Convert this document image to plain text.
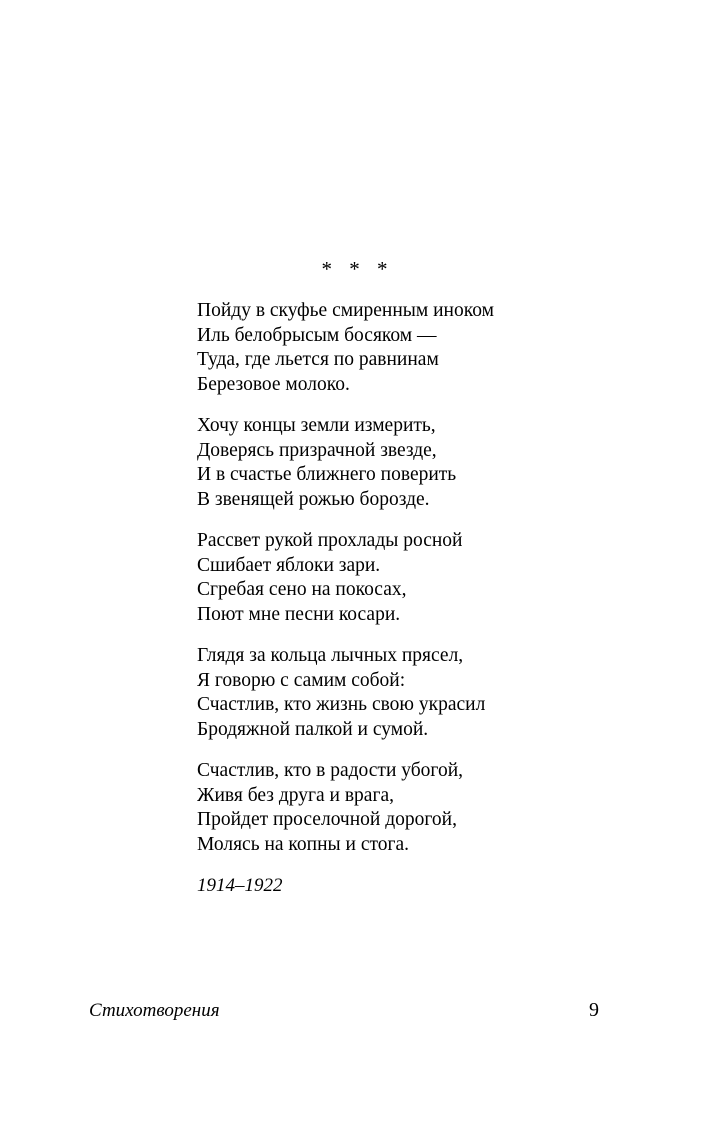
* * *
Пойду в скуфье смиренным иноком
Иль белобрысым босяком —
Туда, где льется по равнинам
Березовое молоко.
Хочу концы земли измерить,
Доверясь призрачной звезде,
И в счастье ближнего поверить
В звенящей рожью борозде.
Рассвет рукой прохлады росной
Сшибает яблоки зари.
Сгребая сено на покосах,
Поют мне песни косари.
Глядя за кольца лычных прясел,
Я говорю с самим собой:
Счастлив, кто жизнь свою украсил
Бродяжной палкой и сумой.
Счастлив, кто в радости убогой,
Живя без друга и врага,
Пройдет проселочной дорогой,
Молясь на копны и стога.
1914–1922
Стихотворения	9
